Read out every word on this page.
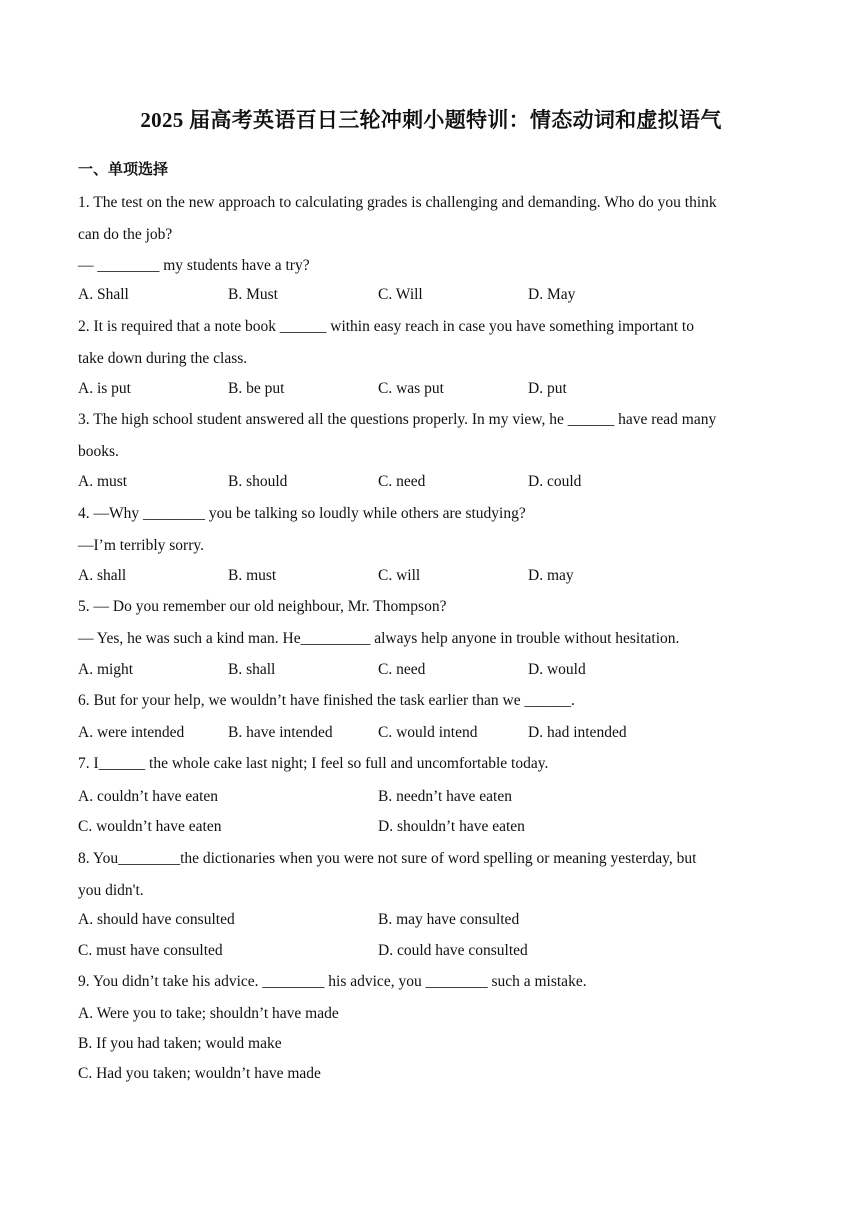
2025 届高考英语百日三轮冲刺小题特训：情态动词和虚拟语气
一、单项选择
1. The test on the new approach to calculating grades is challenging and demanding. Who do you think
can do the job?
— ________ my students have a try?
A. Shall	B. Must	C. Will	D. May
2. It is required that a note book ______ within easy reach in case you have something important to
take down during the class.
A. is put	B. be put	C. was put	D. put
3. The high school student answered all the questions properly. In my view, he ______ have read many
books.
A. must	B. should	C. need	D. could
4. —Why ________ you be talking so loudly while others are studying?
—I’m terribly sorry.
A. shall	B. must	C. will	D. may
5. — Do you remember our old neighbour, Mr. Thompson?
— Yes, he was such a kind man. He_________ always help anyone in trouble without hesitation.
A. might	B. shall	C. need	D. would
6. But for your help, we wouldn’t have finished the task earlier than we ______.
A. were intended	B. have intended	C. would intend	D. had intended
7. I______ the whole cake last night; I feel so full and uncomfortable today.
A. couldn’t have eaten	B. needn’t have eaten
C. wouldn’t have eaten	D. shouldn’t have eaten
8. You________the dictionaries when you were not sure of word spelling or meaning yesterday, but
you didn't.
A. should have consulted	B. may have consulted
C. must have consulted	D. could have consulted
9. You didn’t take his advice. ________ his advice, you ________ such a mistake.
A. Were you to take; shouldn’t have made
B. If you had taken; would make
C. Had you taken; wouldn’t have made
